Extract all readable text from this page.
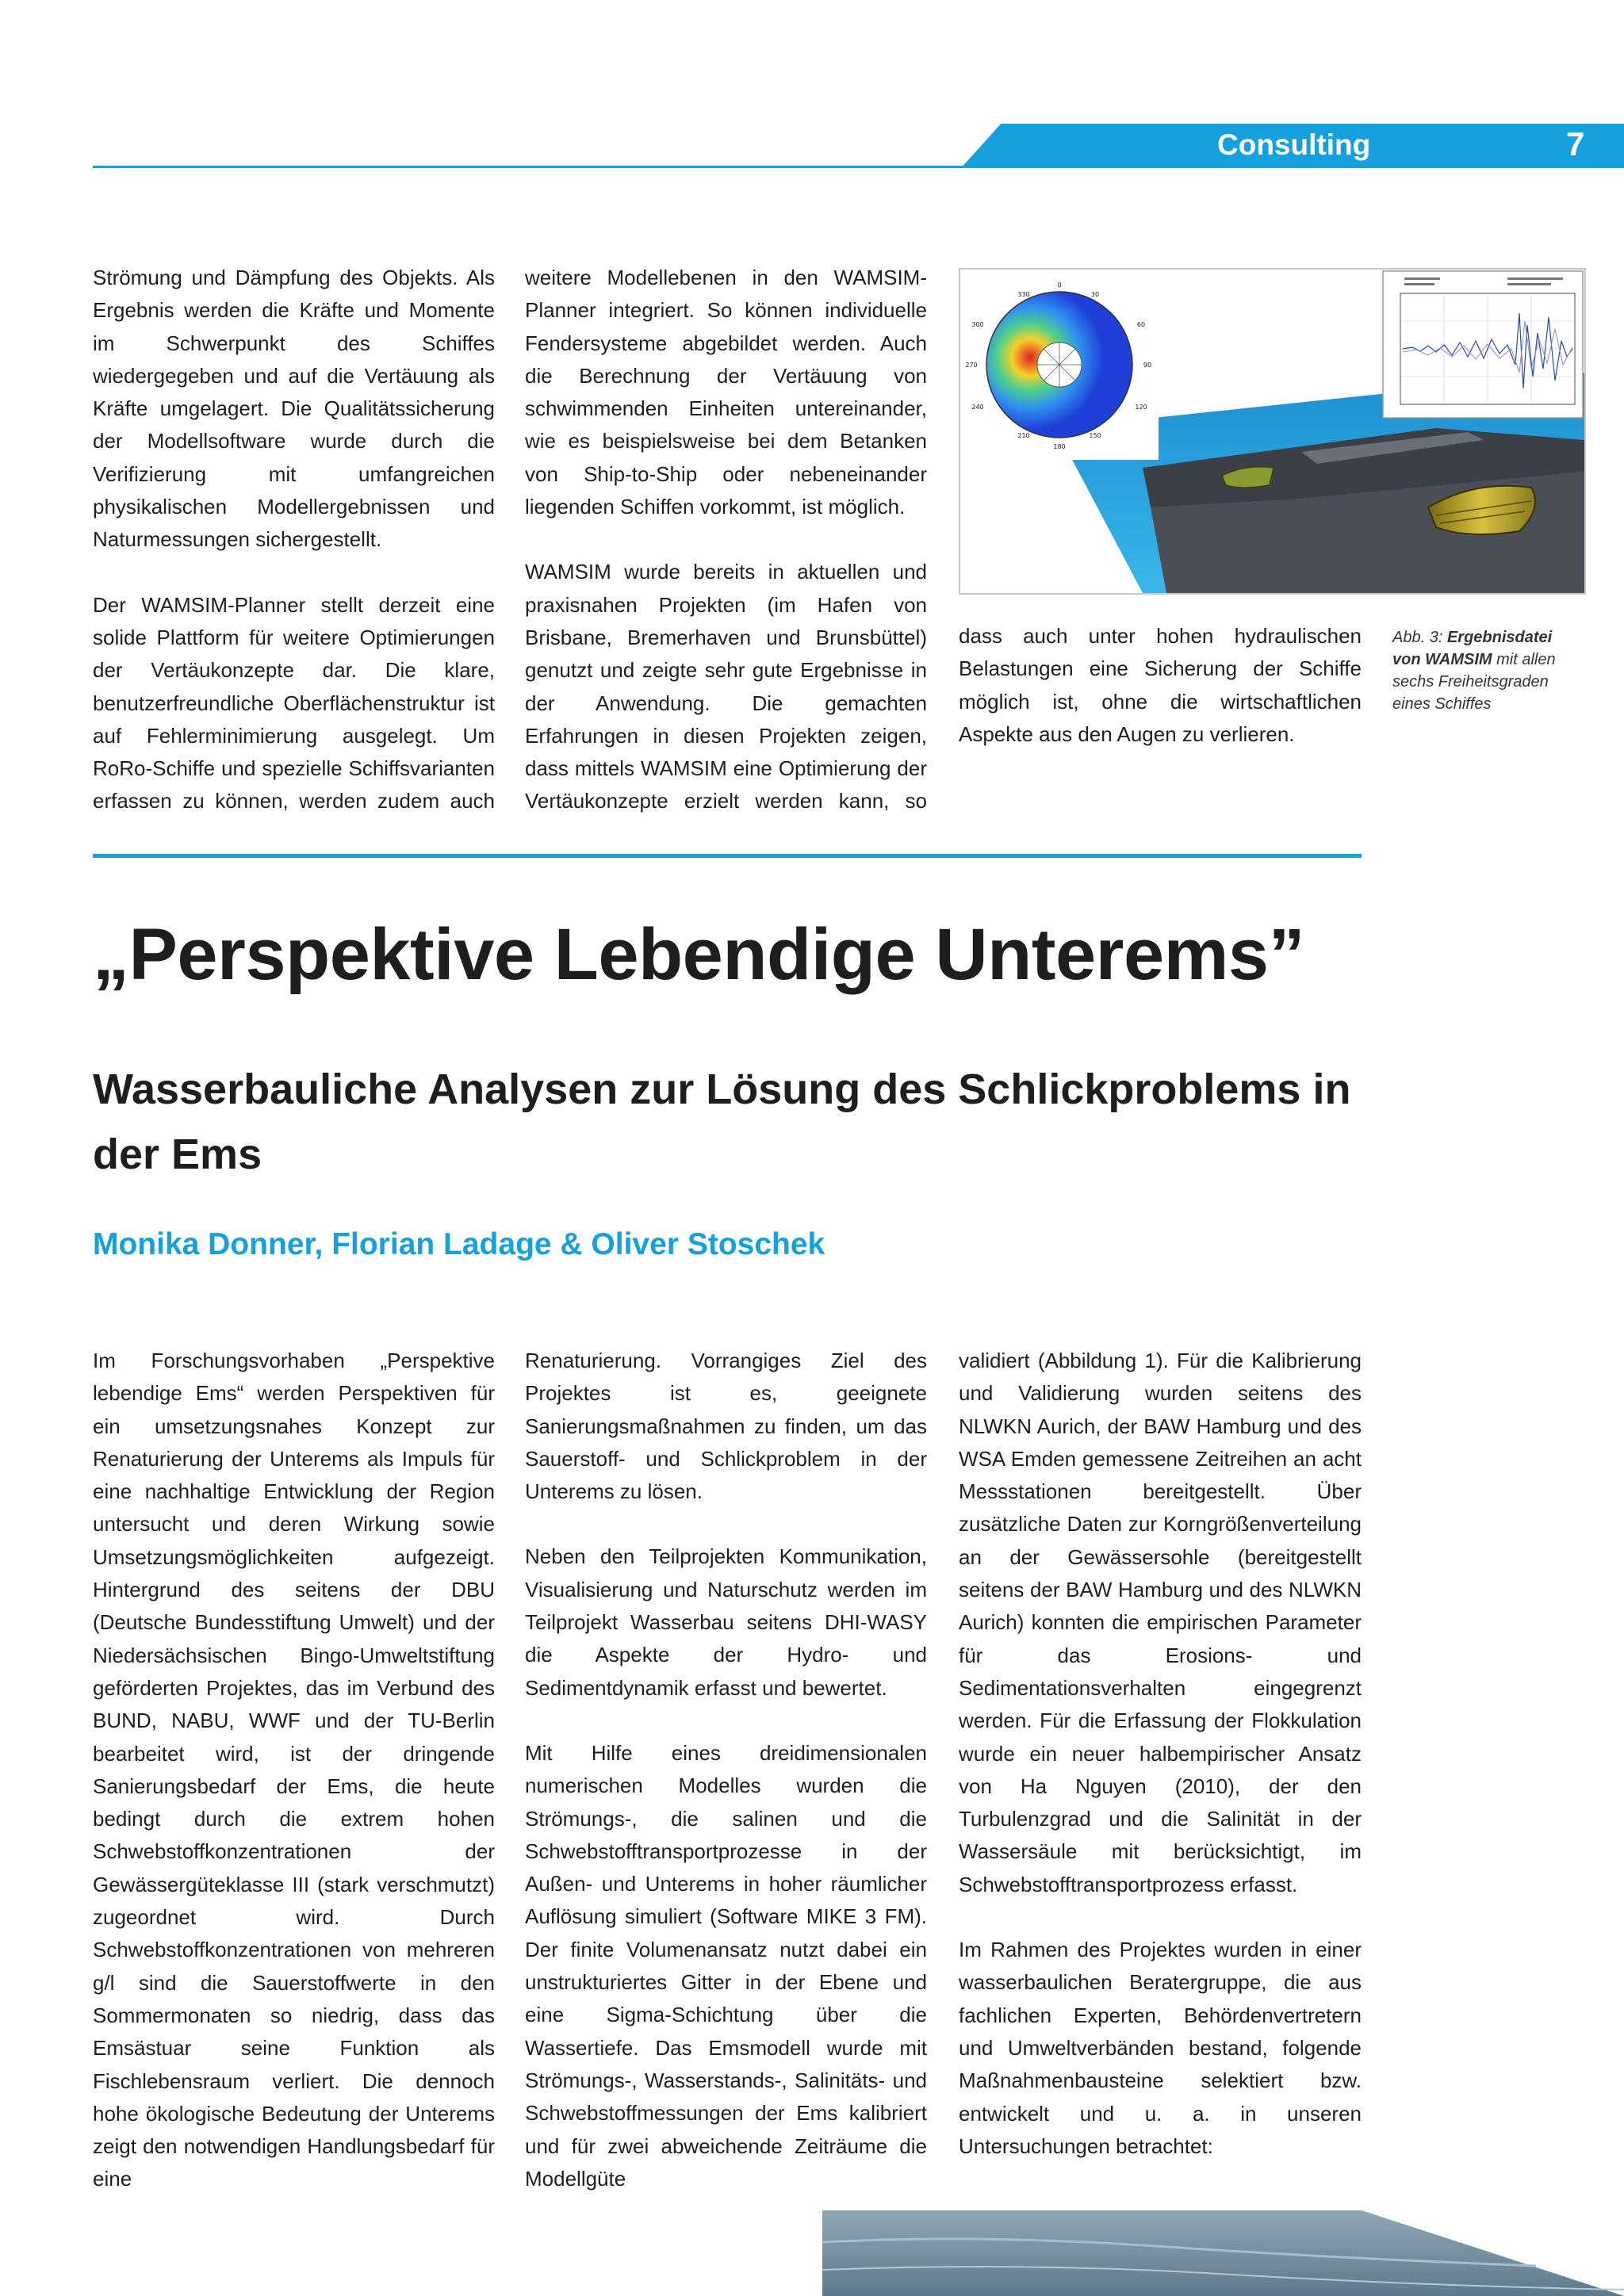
Consulting	7

Strömung und Dämpfung des Objekts. Als Ergebnis werden die Kräfte und Momente im Schwerpunkt des Schiffes wiedergegeben und auf die Vertäuung als Kräfte umgelagert. Die Qualitätssicherung der Modellsoftware wurde durch die Verifizierung mit umfangreichen physikalischen Modellergebnissen und Naturmessungen sichergestellt.

Der WAMSIM-Planner stellt derzeit eine solide Plattform für weitere Optimierungen der Vertäukonzepte dar. Die klare, benutzerfreundliche Oberflächenstruktur ist auf Fehlerminimierung ausgelegt. Um RoRo-Schiffe und spezielle Schiffsvarianten erfassen zu können, werden zudem auch

weitere Modellebenen in den WAMSIM-Planner integriert. So können individuelle Fendersysteme abgebildet werden. Auch die Berechnung der Vertäuung von schwimmenden Einheiten untereinander, wie es beispielsweise bei dem Betanken von Ship-to-Ship oder nebeneinander liegenden Schiffen vorkommt, ist möglich.

WAMSIM wurde bereits in aktuellen und praxisnahen Projekten (im Hafen von Brisbane, Bremerhaven und Brunsbüttel) genutzt und zeigte sehr gute Ergebnisse in der Anwendung. Die gemachten Erfahrungen in diesen Projekten zeigen, dass mittels WAMSIM eine Optimierung der Vertäukonzepte erzielt werden kann, so

dass auch unter hohen hydraulischen Belastungen eine Sicherung der Schiffe möglich ist, ohne die wirtschaftlichen Aspekte aus den Augen zu verlieren.

0
330	30
300	60
270	90
240	120
210	150
180
Abb. 3: Ergebnisdatei von WAMSIM mit allen sechs Freiheitsgraden eines Schiffes
„Perspektive Lebendige Unterems”
Wasserbauliche Analysen zur Lösung des Schlickproblems in der Ems
Monika Donner, Florian Ladage & Oliver Stoschek

Im Forschungsvorhaben „Perspektive lebendige Ems“ werden Perspektiven für ein umsetzungsnahes Konzept zur Renaturierung der Unterems als Impuls für eine nachhaltige Entwicklung der Region untersucht und deren Wirkung sowie Umsetzungsmöglichkeiten aufgezeigt. Hintergrund des seitens der DBU (Deutsche Bundesstiftung Umwelt) und der Niedersächsischen Bingo-Umweltstiftung geförderten Projektes, das im Verbund des BUND, NABU, WWF und der TU-Berlin bearbeitet wird, ist der dringende Sanierungsbedarf der Ems, die heute bedingt durch die extrem hohen Schwebstoffkonzentrationen der Gewässergüteklasse III (stark verschmutzt) zugeordnet wird. Durch Schwebstoffkonzentrationen von mehreren g/l sind die Sauerstoffwerte in den Sommermonaten so niedrig, dass das Emsästuar seine Funktion als Fischlebensraum verliert. Die dennoch hohe ökologische Bedeutung der Unterems zeigt den notwendigen Handlungsbedarf für eine

Renaturierung. Vorrangiges Ziel des Projektes ist es, geeignete Sanierungsmaßnahmen zu finden, um das Sauerstoff- und Schlickproblem in der Unterems zu lösen.

Neben den Teilprojekten Kommunikation, Visualisierung und Naturschutz werden im Teilprojekt Wasserbau seitens DHI-WASY die Aspekte der Hydro- und Sedimentdynamik erfasst und bewertet.

Mit Hilfe eines dreidimensionalen numerischen Modelles wurden die Strömungs-, die salinen und die Schwebstofftransportprozesse in der Außen- und Unterems in hoher räumlicher Auflösung simuliert (Software MIKE 3 FM). Der finite Volumenansatz nutzt dabei ein unstrukturiertes Gitter in der Ebene und eine Sigma-Schichtung über die Wassertiefe. Das Emsmodell wurde mit Strömungs-, Wasserstands-, Salinitäts- und Schwebstoffmessungen der Ems kalibriert und für zwei abweichende Zeiträume die Modellgüte

validiert (Abbildung 1). Für die Kalibrierung und Validierung wurden seitens des NLWKN Aurich, der BAW Hamburg und des WSA Emden gemessene Zeitreihen an acht Messstationen bereitgestellt. Über zusätzliche Daten zur Korngrößenverteilung an der Gewässersohle (bereitgestellt seitens der BAW Hamburg und des NLWKN Aurich) konnten die empirischen Parameter für das Erosions- und Sedimentationsverhalten eingegrenzt werden. Für die Erfassung der Flokkulation wurde ein neuer halbempirischer Ansatz von Ha Nguyen (2010), der den Turbulenzgrad und die Salinität in der Wassersäule mit berücksichtigt, im Schwebstofftransportprozess erfasst.

Im Rahmen des Projektes wurden in einer wasserbaulichen Beratergruppe, die aus fachlichen Experten, Behördenvertretern und Umweltverbänden bestand, folgende Maßnahmenbausteine selektiert bzw. entwickelt und u. a. in unseren Untersuchungen betrachtet:
